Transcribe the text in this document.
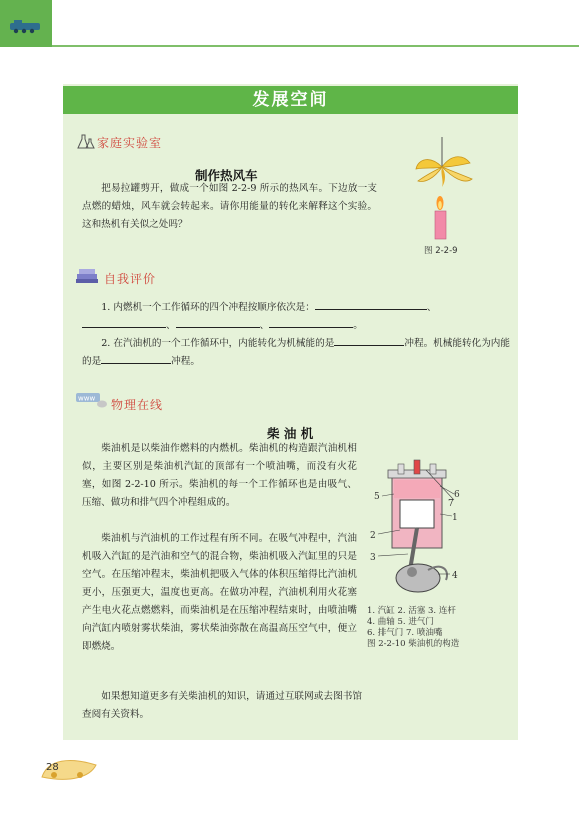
发展空间
家庭实验室
制作热风车
把易拉罐剪开，做成一个如图 2-2-9 所示的热风车。下边放一支点燃的蜡烛，风车就会转起来。请你用能量的转化来解释这个实验。这和热机有关似之处吗？
图 2-2-9
自我评价
1. 内燃机一个工作循环的四个冲程按顺序依次是：	、
、	、	。
2. 在汽油机的一个工作循环中，内能转化为机械能的是	冲程。机械能转化为内能的是	冲程。
www 物理在线
柴 油 机
柴油机是以柴油作燃料的内燃机。柴油机的构造跟汽油机相似，主要区别是柴油机汽缸的顶部有一个喷油嘴，而没有火花塞，如图 2-2-10 所示。柴油机的每一个工作循环也是由吸气、压缩、做功和排气四个冲程组成的。
柴油机与汽油机的工作过程有所不同。在吸气冲程中，汽油机吸入汽缸的是汽油和空气的混合物，柴油机吸入汽缸里的只是空气。在压缩冲程末，柴油机把吸入气体的体积压缩得比汽油机更小，压强更大，温度也更高。在做功冲程，汽油机利用火花塞产生电火花点燃燃料，而柴油机是在压缩冲程结束时，由喷油嘴向汽缸内喷射雾状柴油，雾状柴油弥散在高温高压空气中，便立即燃烧。
如果想知道更多有关柴油机的知识，请通过互联网或去图书馆查阅有关资料。
5	6
7
1
2
3
4
1. 汽缸 2. 活塞 3. 连杆
4. 曲轴 5. 进气门
6. 排气门 7. 喷油嘴
图 2-2-10 柴油机的构造
28
